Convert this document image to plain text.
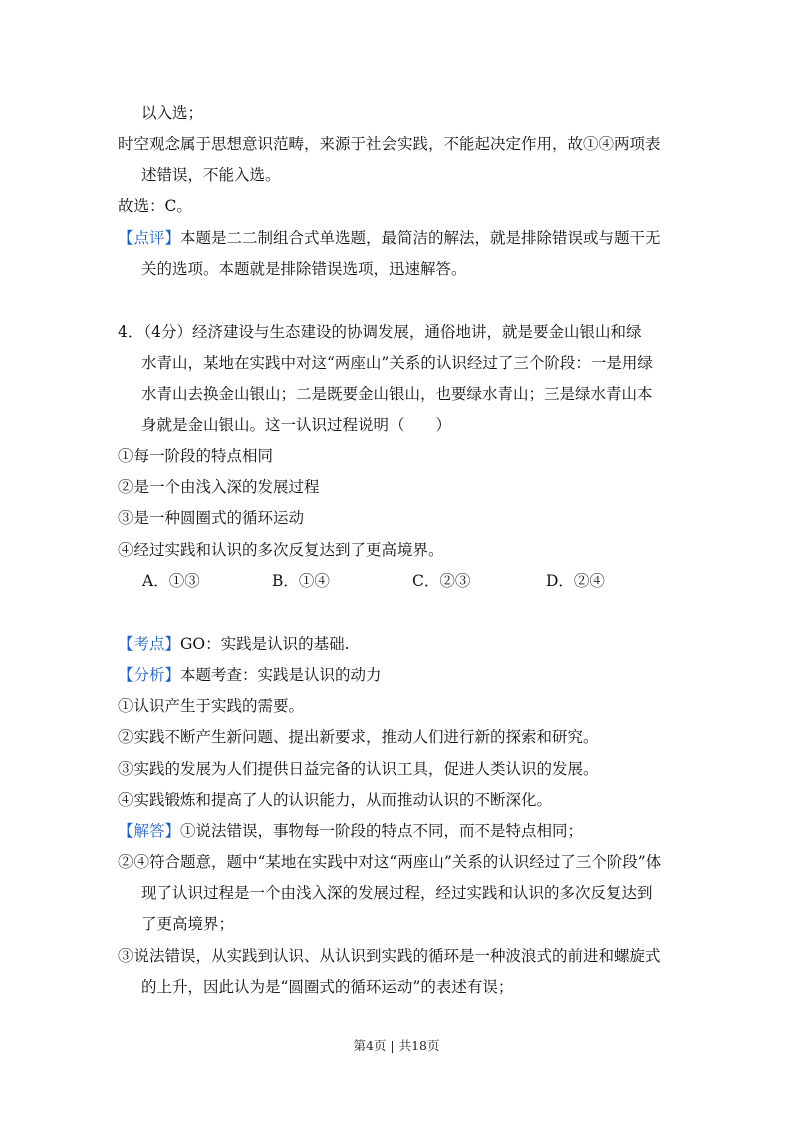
以入选；
时空观念属于思想意识范畴，来源于社会实践，不能起决定作用，故①④两项表
述错误，不能入选。
故选：C。
【点评】本题是二二制组合式单选题，最简洁的解法，就是排除错误或与题干无
关的选项。本题就是排除错误选项，迅速解答。
4．（4分）经济建设与生态建设的协调发展，通俗地讲，就是要金山银山和绿
水青山，某地在实践中对这“两座山”关系的认识经过了三个阶段：一是用绿
水青山去换金山银山；二是既要金山银山，也要绿水青山；三是绿水青山本
身就是金山银山。这一认识过程说明（　　）
①每一阶段的特点相同
②是一个由浅入深的发展过程
③是一种圆圈式的循环运动
④经过实践和认识的多次反复达到了更高境界。
A．①③	B．①④	C．②③	D．②④
【考点】GO：实践是认识的基础.
【分析】本题考查：实践是认识的动力
①认识产生于实践的需要。
②实践不断产生新问题、提出新要求，推动人们进行新的探索和研究。
③实践的发展为人们提供日益完备的认识工具，促进人类认识的发展。
④实践锻炼和提高了人的认识能力，从而推动认识的不断深化。
【解答】①说法错误，事物每一阶段的特点不同，而不是特点相同；
②④符合题意，题中“某地在实践中对这“两座山”关系的认识经过了三个阶段”体
现了认识过程是一个由浅入深的发展过程，经过实践和认识的多次反复达到
了更高境界；
③说法错误，从实践到认识、从认识到实践的循环是一种波浪式的前进和螺旋式
的上升，因此认为是“圆圈式的循环运动”的表述有误；
第4页 | 共18页
